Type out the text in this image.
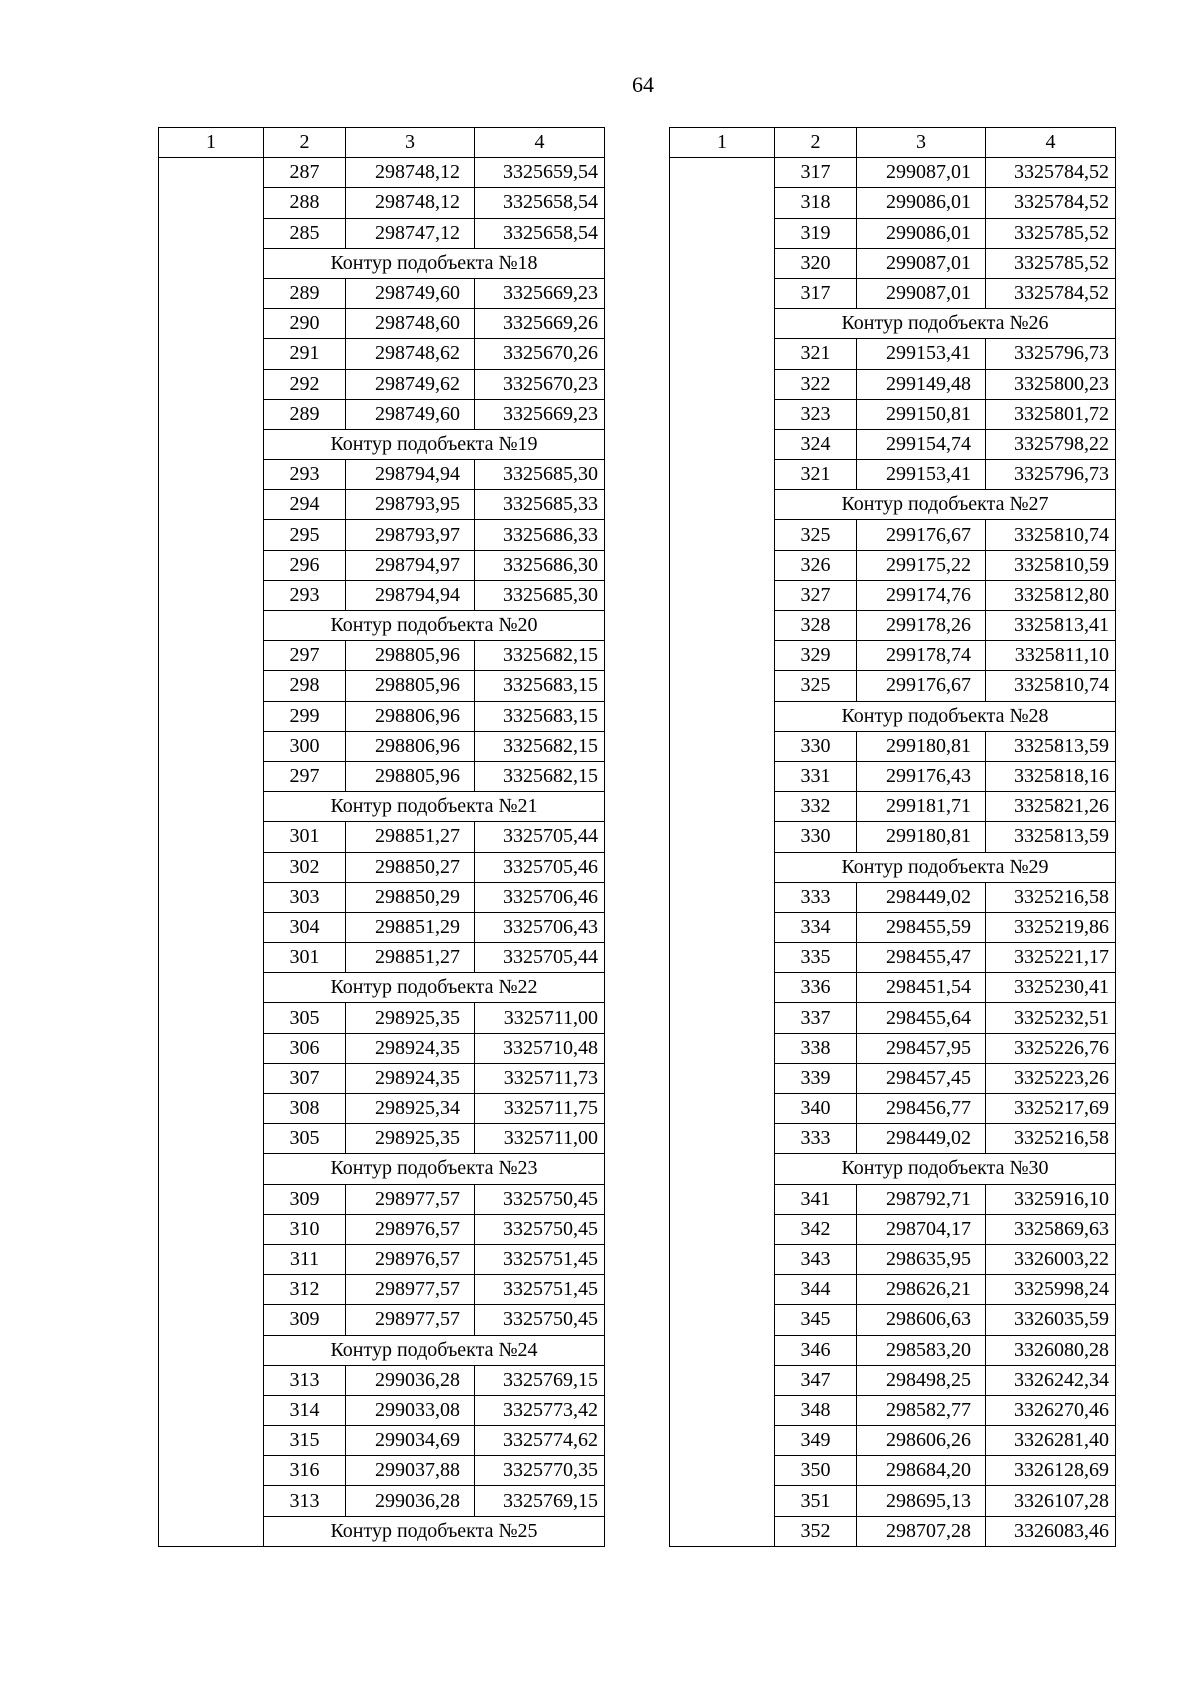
64
1	2	3	4
	287	298748,12	3325659,54
	288	298748,12	3325658,54
	285	298747,12	3325658,54
	Контур подобъекта №18		
	289	298749,60	3325669,23
	290	298748,60	3325669,26
	291	298748,62	3325670,26
	292	298749,62	3325670,23
	289	298749,60	3325669,23
	Контур подобъекта №19		
	293	298794,94	3325685,30
	294	298793,95	3325685,33
	295	298793,97	3325686,33
	296	298794,97	3325686,30
	293	298794,94	3325685,30
	Контур подобъекта №20		
	297	298805,96	3325682,15
	298	298805,96	3325683,15
	299	298806,96	3325683,15
	300	298806,96	3325682,15
	297	298805,96	3325682,15
	Контур подобъекта №21		
	301	298851,27	3325705,44
	302	298850,27	3325705,46
	303	298850,29	3325706,46
	304	298851,29	3325706,43
	301	298851,27	3325705,44
	Контур подобъекта №22		
	305	298925,35	3325711,00
	306	298924,35	3325710,48
	307	298924,35	3325711,73
	308	298925,34	3325711,75
	305	298925,35	3325711,00
	Контур подобъекта №23		
	309	298977,57	3325750,45
	310	298976,57	3325750,45
	311	298976,57	3325751,45
	312	298977,57	3325751,45
	309	298977,57	3325750,45
	Контур подобъекта №24		
	313	299036,28	3325769,15
	314	299033,08	3325773,42
	315	299034,69	3325774,62
	316	299037,88	3325770,35
	313	299036,28	3325769,15
	Контур подобъекта №25		
1	2	3	4
	317	299087,01	3325784,52
	318	299086,01	3325784,52
	319	299086,01	3325785,52
	320	299087,01	3325785,52
	317	299087,01	3325784,52
	Контур подобъекта №26		
	321	299153,41	3325796,73
	322	299149,48	3325800,23
	323	299150,81	3325801,72
	324	299154,74	3325798,22
	321	299153,41	3325796,73
	Контур подобъекта №27		
	325	299176,67	3325810,74
	326	299175,22	3325810,59
	327	299174,76	3325812,80
	328	299178,26	3325813,41
	329	299178,74	3325811,10
	325	299176,67	3325810,74
	Контур подобъекта №28		
	330	299180,81	3325813,59
	331	299176,43	3325818,16
	332	299181,71	3325821,26
	330	299180,81	3325813,59
	Контур подобъекта №29		
	333	298449,02	3325216,58
	334	298455,59	3325219,86
	335	298455,47	3325221,17
	336	298451,54	3325230,41
	337	298455,64	3325232,51
	338	298457,95	3325226,76
	339	298457,45	3325223,26
	340	298456,77	3325217,69
	333	298449,02	3325216,58
	Контур подобъекта №30		
	341	298792,71	3325916,10
	342	298704,17	3325869,63
	343	298635,95	3326003,22
	344	298626,21	3325998,24
	345	298606,63	3326035,59
	346	298583,20	3326080,28
	347	298498,25	3326242,34
	348	298582,77	3326270,46
	349	298606,26	3326281,40
	350	298684,20	3326128,69
	351	298695,13	3326107,28
	352	298707,28	3326083,46
